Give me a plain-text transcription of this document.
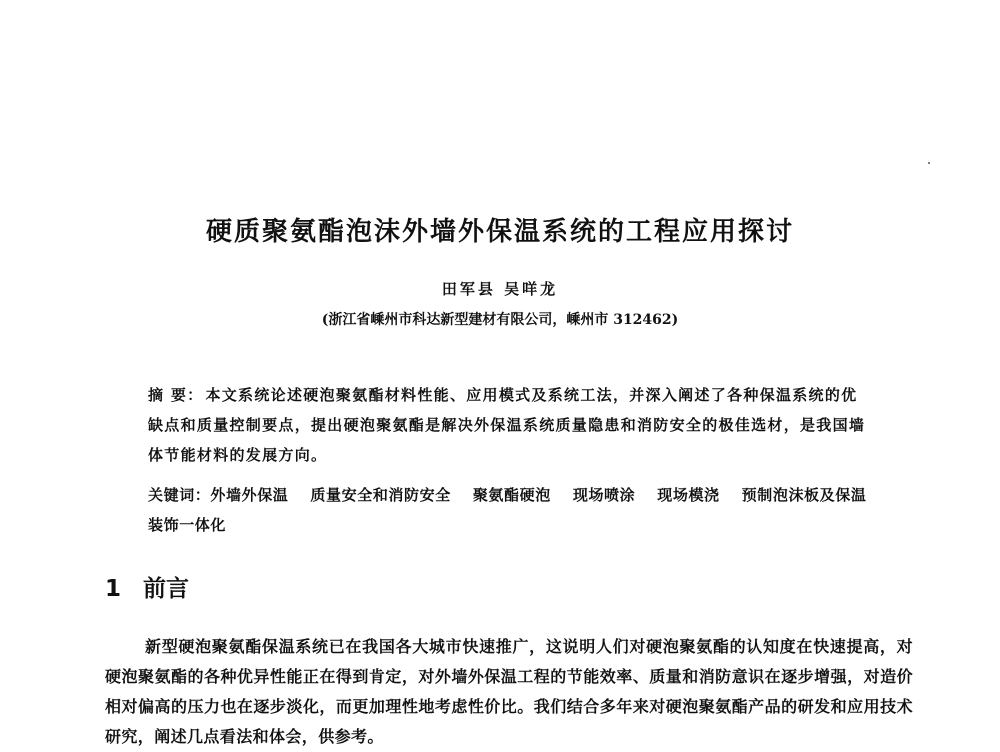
硬质聚氨酯泡沫外墙外保温系统的工程应用探讨
田军县 吴咩龙
(浙江省嵊州市科达新型建材有限公司，嵊州市 312462)
摘 要： 本文系统论述硬泡聚氨酯材料性能、应用模式及系统工法，并深入阐述了各种保温系统的优缺点和质量控制要点，提出硬泡聚氨酯是解决外保温系统质量隐患和消防安全的极佳选材，是我国墙体节能材料的发展方向。
关键词：外墙外保温 质量安全和消防安全 聚氨酯硬泡 现场喷涂 现场模浇 预制泡沫板及保温装饰一体化
1 前言
新型硬泡聚氨酯保温系统已在我国各大城市快速推广，这说明人们对硬泡聚氨酯的认知度在快速提高，对硬泡聚氨酯的各种优异性能正在得到肯定，对外墙外保温工程的节能效率、质量和消防意识在逐步增强，对造价相对偏高的压力也在逐步淡化，而更加理性地考虑性价比。我们结合多年来对硬泡聚氨酯产品的研发和应用技术研究，阐述几点看法和体会，供参考。
